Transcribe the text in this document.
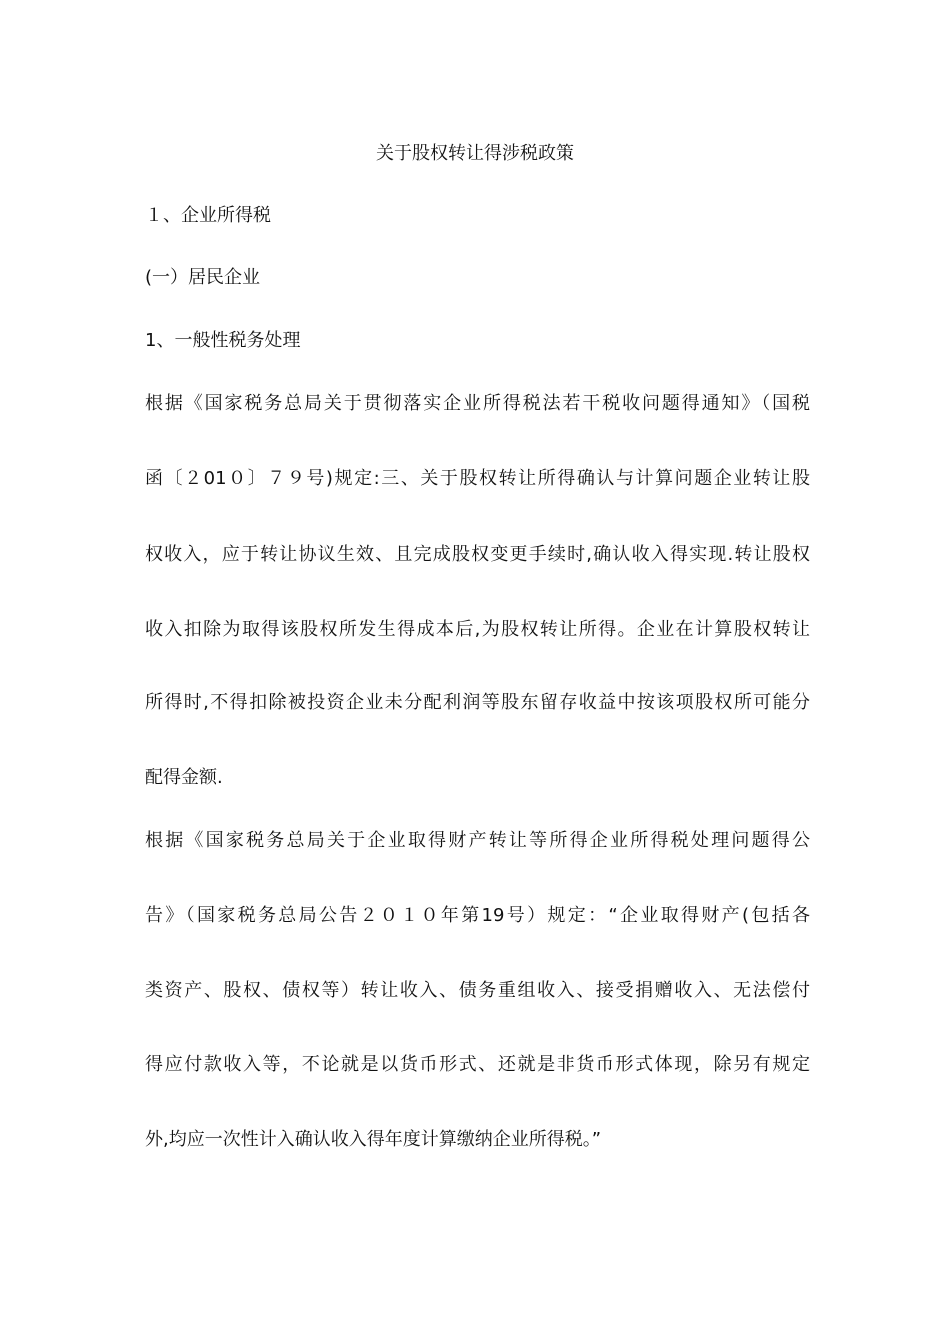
关于股权转让得涉税政策
１、企业所得税
(一）居民企业
1、一般性税务处理
根据《国家税务总局关于贯彻落实企业所得税法若干税收问题得通知》（国税
函〔２01０〕７９号)规定:三、关于股权转让所得确认与计算问题企业转让股
权收入，应于转让协议生效、且完成股权变更手续时,确认收入得实现.转让股权
收入扣除为取得该股权所发生得成本后,为股权转让所得。企业在计算股权转让
所得时,不得扣除被投资企业未分配利润等股东留存收益中按该项股权所可能分
配得金额.
根据《国家税务总局关于企业取得财产转让等所得企业所得税处理问题得公
告》（国家税务总局公告２０１０年第19号）规定：“企业取得财产(包括各
类资产、股权、债权等）转让收入、债务重组收入、接受捐赠收入、无法偿付
得应付款收入等，不论就是以货币形式、还就是非货币形式体现，除另有规定
外,均应一次性计入确认收入得年度计算缴纳企业所得税。”
